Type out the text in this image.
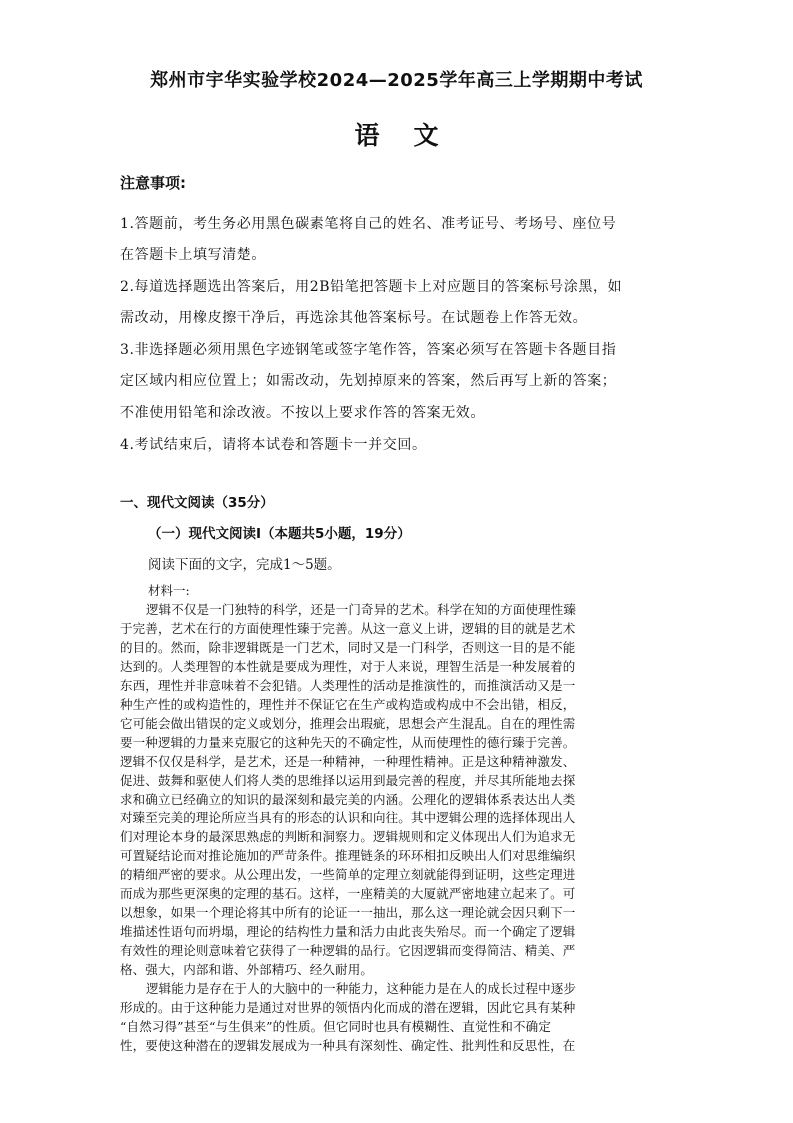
郑州市宇华实验学校2024—2025学年高三上学期期中考试
语文
注意事项:
1.答题前，考生务必用黑色碳素笔将自己的姓名、准考证号、考场号、座位号
在答题卡上填写清楚。
2.每道选择题选出答案后，用2B铅笔把答题卡上对应题目的答案标号涂黑，如
需改动，用橡皮擦干净后，再选涂其他答案标号。在试题卷上作答无效。
3.非选择题必须用黑色字迹钢笔或签字笔作答，答案必须写在答题卡各题目指
定区域内相应位置上；如需改动，先划掉原来的答案，然后再写上新的答案；
不准使用铅笔和涂改液。不按以上要求作答的答案无效。
4.考试结束后，请将本试卷和答题卡一并交回。
一、现代文阅读（35分）
（一）现代文阅读Ⅰ（本题共5小题，19分）
阅读下面的文字，完成1～5题。
材料一:
逻辑不仅是一门独特的科学，还是一门奇异的艺术。科学在知的方面使理性臻
于完善，艺术在行的方面使理性臻于完善。从这一意义上讲，逻辑的目的就是艺术
的目的。然而，除非逻辑既是一门艺术，同时又是一门科学，否则这一目的是不能
达到的。人类理智的本性就是要成为理性，对于人来说，理智生活是一种发展着的
东西，理性并非意味着不会犯错。人类理性的活动是推演性的，而推演活动又是一
种生产性的或构造性的，理性并不保证它在生产或构造或构成中不会出错，相反，
它可能会做出错误的定义或划分，推理会出瑕疵，思想会产生混乱。自在的理性需
要一种逻辑的力量来克服它的这种先天的不确定性，从而使理性的德行臻于完善。
逻辑不仅仅是科学，是艺术，还是一种精神，一种理性精神。正是这种精神激发、
促进、鼓舞和驱使人们将人类的思维择以运用到最完善的程度，并尽其所能地去探
求和确立已经确立的知识的最深刻和最完美的内涵。公理化的逻辑体系表达出人类
对臻至完美的理论所应当具有的形态的认识和向往。其中逻辑公理的选择体现出人
们对理论本身的最深思熟虑的判断和洞察力。逻辑规则和定义体现出人们为追求无
可置疑结论而对推论施加的严苛条件。推理链条的环环相扣反映出人们对思维编织
的精细严密的要求。从公理出发，一些简单的定理立刻就能得到证明，这些定理进
而成为那些更深奥的定理的基石。这样，一座精美的大厦就严密地建立起来了。可
以想象，如果一个理论将其中所有的论证一一抽出，那么这一理论就会因只剩下一
堆描述性语句而坍塌，理论的结构性力量和活力由此丧失殆尽。而一个确定了逻辑
有效性的理论则意味着它获得了一种逻辑的品行。它因逻辑而变得简洁、精美、严
格、强大，内部和谐、外部精巧、经久耐用。
逻辑能力是存在于人的大脑中的一种能力，这种能力是在人的成长过程中逐步
形成的。由于这种能力是通过对世界的领悟内化而成的潜在逻辑，因此它具有某种
“自然习得”甚至“与生俱来”的性质。但它同时也具有模糊性、直觉性和不确定
性，要使这种潜在的逻辑发展成为一种具有深刻性、确定性、批判性和反思性，在
